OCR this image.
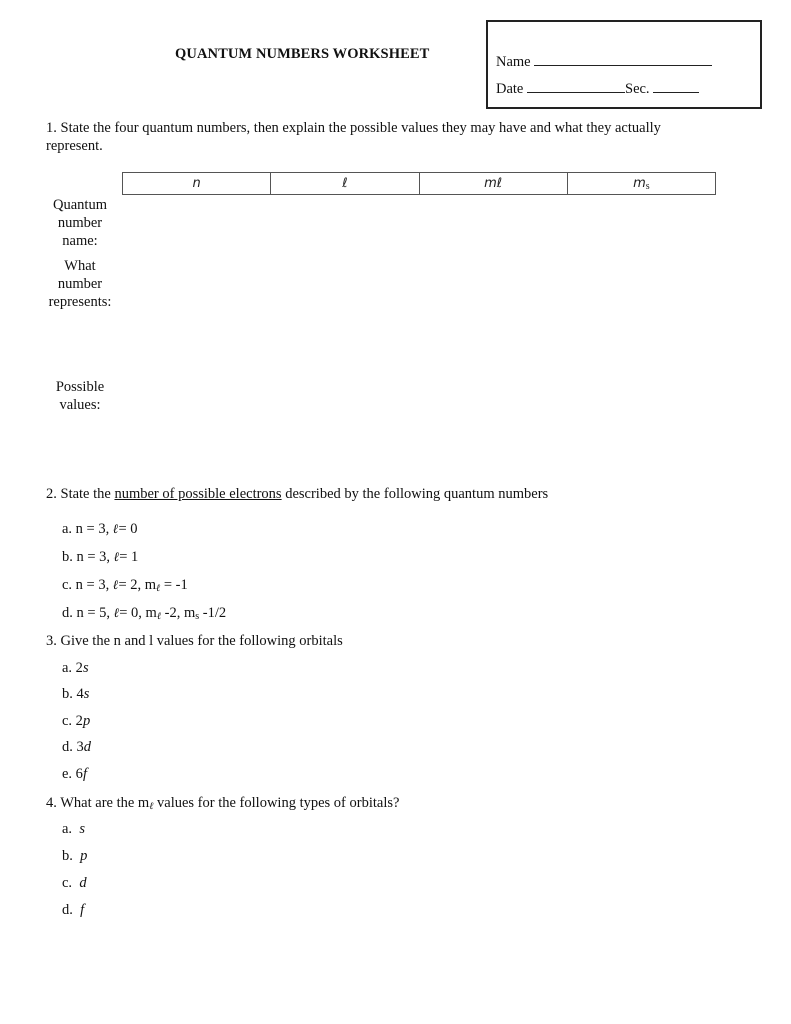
QUANTUM NUMBERS WORKSHEET	Name
Date	Sec.
1. State the four quantum numbers, then explain the possible values they may have and what they actually
represent.
n	ℓ	mℓ	$m_s$
Quantum
number
name:
What
number
represents:
Possible
values:
2. State the number of possible electrons described by the following quantum numbers
a. n = 3, ℓ= 0
b. n = 3, ℓ= 1
c. n = 3, ℓ= 2, $m_\ell = -1$
d. n = 5, ℓ= 0, $m_\ell$ -2, $m_s$ -1/2
3. Give the n and l values for the following orbitals
a. 2s
b. 4s
c. 2p
d. 3d
e. 6f
4. What are the $m_\ell$ values for the following types of orbitals?
a. s
b. p
c. d
d. f
